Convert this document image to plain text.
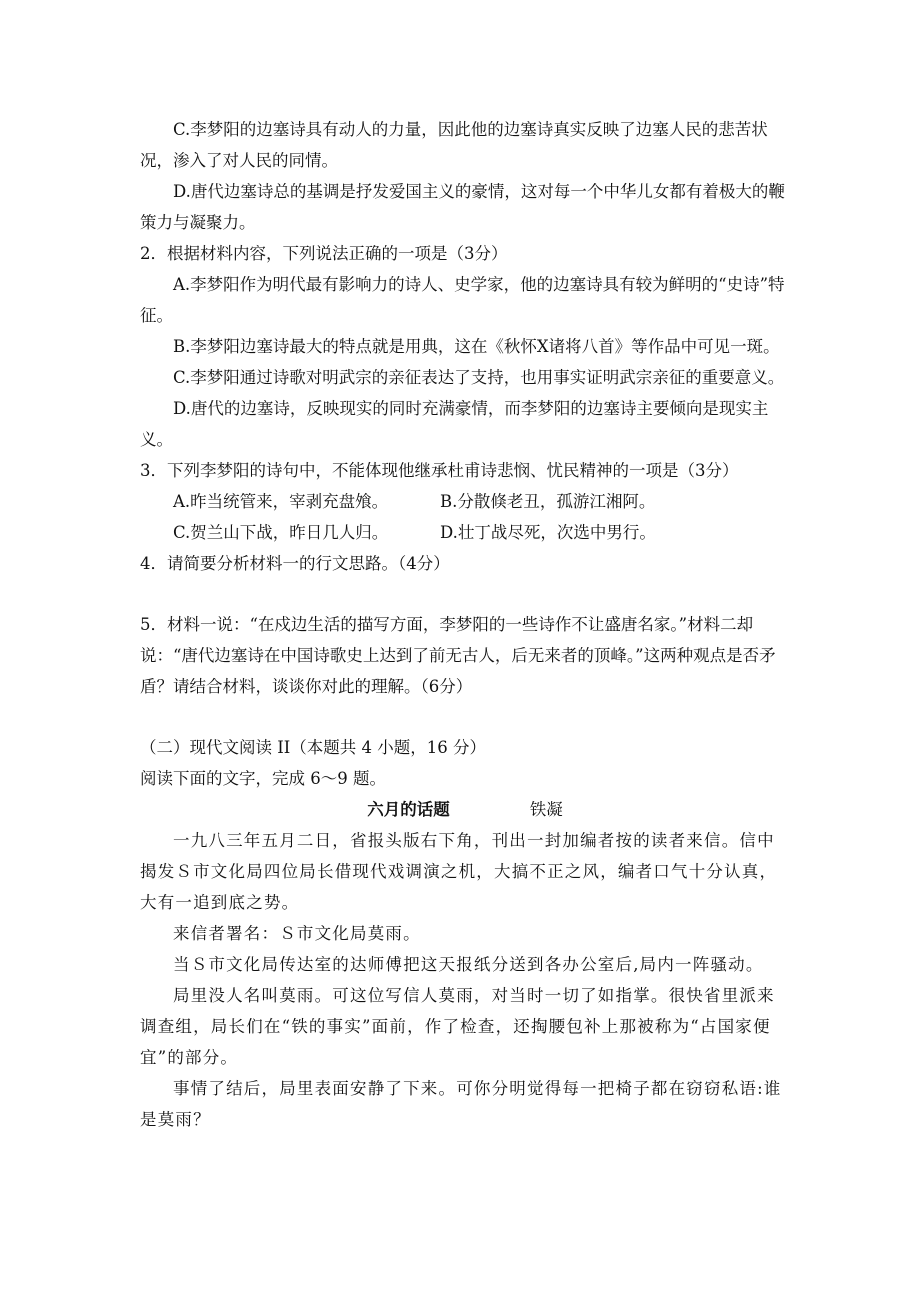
C.李梦阳的边塞诗具有动人的力量，因此他的边塞诗真实反映了边塞人民的悲苦状况，渗入了对人民的同情。

D.唐代边塞诗总的基调是抒发爱国主义的豪情，这对每一个中华儿女都有着极大的鞭策力与凝聚力。

2．根据材料内容，下列说法正确的一项是（3分）

A.李梦阳作为明代最有影响力的诗人、史学家，他的边塞诗具有较为鲜明的“史诗”特征。

B.李梦阳边塞诗最大的特点就是用典，这在《秋怀Ⅹ诸将八首》等作品中可见一斑。

C.李梦阳通过诗歌对明武宗的亲征表达了支持，也用事实证明武宗亲征的重要意义。

D.唐代的边塞诗，反映现实的同时充满豪情，而李梦阳的边塞诗主要倾向是现实主义。

3．下列李梦阳的诗句中，不能体现他继承杜甫诗悲悯、忧民精神的一项是（3分）

A.昨当统管来，宰剥充盘飧。	B.分散倏老丑，孤游江湘阿。
C.贺兰山下战，昨日几人归。	D.壮丁战尽死，次选中男行。

4．请简要分析材料一的行文思路。（4分）

5．材料一说：“在戍边生活的描写方面，李梦阳的一些诗作不让盛唐名家。”材料二却说：“唐代边塞诗在中国诗歌史上达到了前无古人，后无来者的顶峰。”这两种观点是否矛盾？请结合材料，谈谈你对此的理解。（6分）

（二）现代文阅读 II（本题共 4 小题，16 分）

阅读下面的文字，完成 6～9 题。

六月的话题	铁凝

一九八三年五月二日，省报头版右下角，刊出一封加编者按的读者来信。信中揭发Ｓ市文化局四位局长借现代戏调演之机，大搞不正之风，编者口气十分认真，大有一追到底之势。

来信者署名：Ｓ市文化局莫雨。

当Ｓ市文化局传达室的达师傅把这天报纸分送到各办公室后,局内一阵骚动。

局里没人名叫莫雨。可这位写信人莫雨，对当时一切了如指掌。很快省里派来调查组，局长们在“铁的事实”面前，作了检查，还掏腰包补上那被称为“占国家便宜”的部分。

事情了结后，局里表面安静了下来。可你分明觉得每一把椅子都在窃窃私语:谁是莫雨？
